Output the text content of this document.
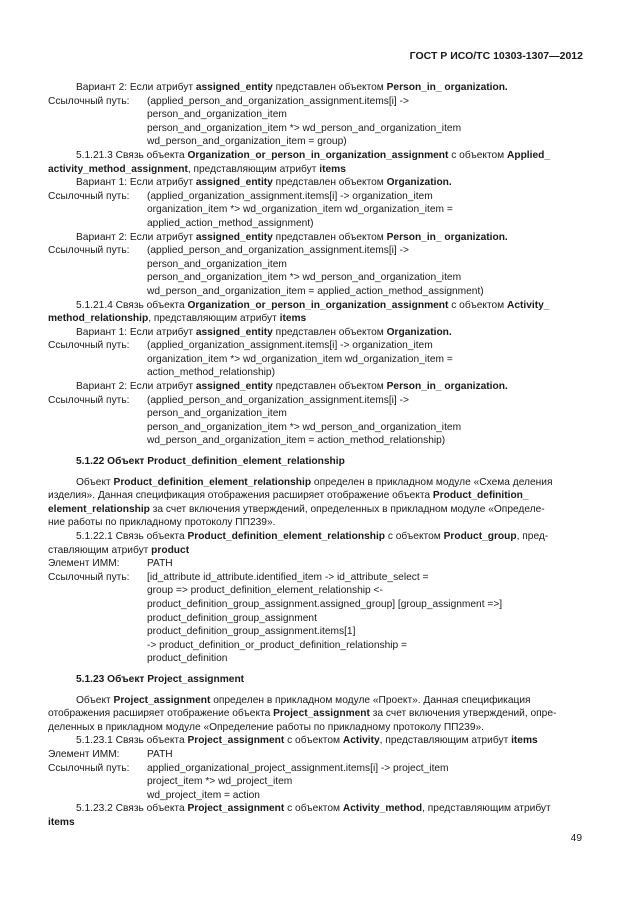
ГОСТ Р ИСО/ТС 10303-1307—2012
Вариант 2: Если атрибут assigned_entity представлен объектом Person_in_ organization.
Ссылочный путь:	(applied_person_and_organization_assignment.items[i] ->
person_and_organization_item
person_and_organization_item *> wd_person_and_organization_item
wd_person_and_organization_item = group)
5.1.21.3 Связь объекта Organization_or_person_in_organization_assignment с объектом Applied_
activity_method_assignment, представляющим атрибут items
Вариант 1: Если атрибут assigned_entity представлен объектом Organization.
Ссылочный путь:	(applied_organization_assignment.items[i] -> organization_item
organization_item *> wd_organization_item wd_organization_item =
applied_action_method_assignment)
Вариант 2: Если атрибут assigned_entity представлен объектом Person_in_ organization.
Ссылочный путь:	(applied_person_and_organization_assignment.items[i] ->
person_and_organization_item
person_and_organization_item *> wd_person_and_organization_item
wd_person_and_organization_item = applied_action_method_assignment)
5.1.21.4 Связь объекта Organization_or_person_in_organization_assignment с объектом Activity_
method_relationship, представляющим атрибут items
Вариант 1: Если атрибут assigned_entity представлен объектом Organization.
Ссылочный путь:	(applied_organization_assignment.items[i] -> organization_item
organization_item *> wd_organization_item wd_organization_item =
action_method_relationship)
Вариант 2: Если атрибут assigned_entity представлен объектом Person_in_ organization.
Ссылочный путь:	(applied_person_and_organization_assignment.items[i] ->
person_and_organization_item
person_and_organization_item *> wd_person_and_organization_item
wd_person_and_organization_item = action_method_relationship)
5.1.22 Объект Product_definition_element_relationship
Объект Product_definition_element_relationship определен в прикладном модуле «Схема деления
изделия». Данная спецификация отображения расширяет отображение объекта Product_definition_
element_relationship за счет включения утверждений, определенных в прикладном модуле «Определе-
ние работы по прикладному протоколу ПП239».
5.1.22.1 Связь объекта Product_definition_element_relationship с объектом Product_group, пред-
ставляющим атрибут product
Элемент ИММ:	PATH
Ссылочный путь:	[id_attribute id_attribute.identified_item -> id_attribute_select =
group => product_definition_element_relationship <-
product_definition_group_assignment.assigned_group] [group_assignment =>]
product_definition_group_assignment
product_definition_group_assignment.items[1]
-> product_definition_or_product_definition_relationship =
product_definition
5.1.23 Объект Project_assignment
Объект Project_assignment определен в прикладном модуле «Проект». Данная спецификация
отображения расширяет отображение объекта Project_assignment за счет включения утверждений, опре-
деленных в прикладном модуле «Определение работы по прикладному протоколу ПП239».
5.1.23.1 Связь объекта Project_assignment с объектом Activity, представляющим атрибут items
Элемент ИММ:	PATH
Ссылочный путь:	applied_organizational_project_assignment.items[i] -> project_item
project_item *> wd_project_item
wd_project_item = action
5.1.23.2 Связь объекта Project_assignment с объектом Activity_method, представляющим атрибут
items
49
